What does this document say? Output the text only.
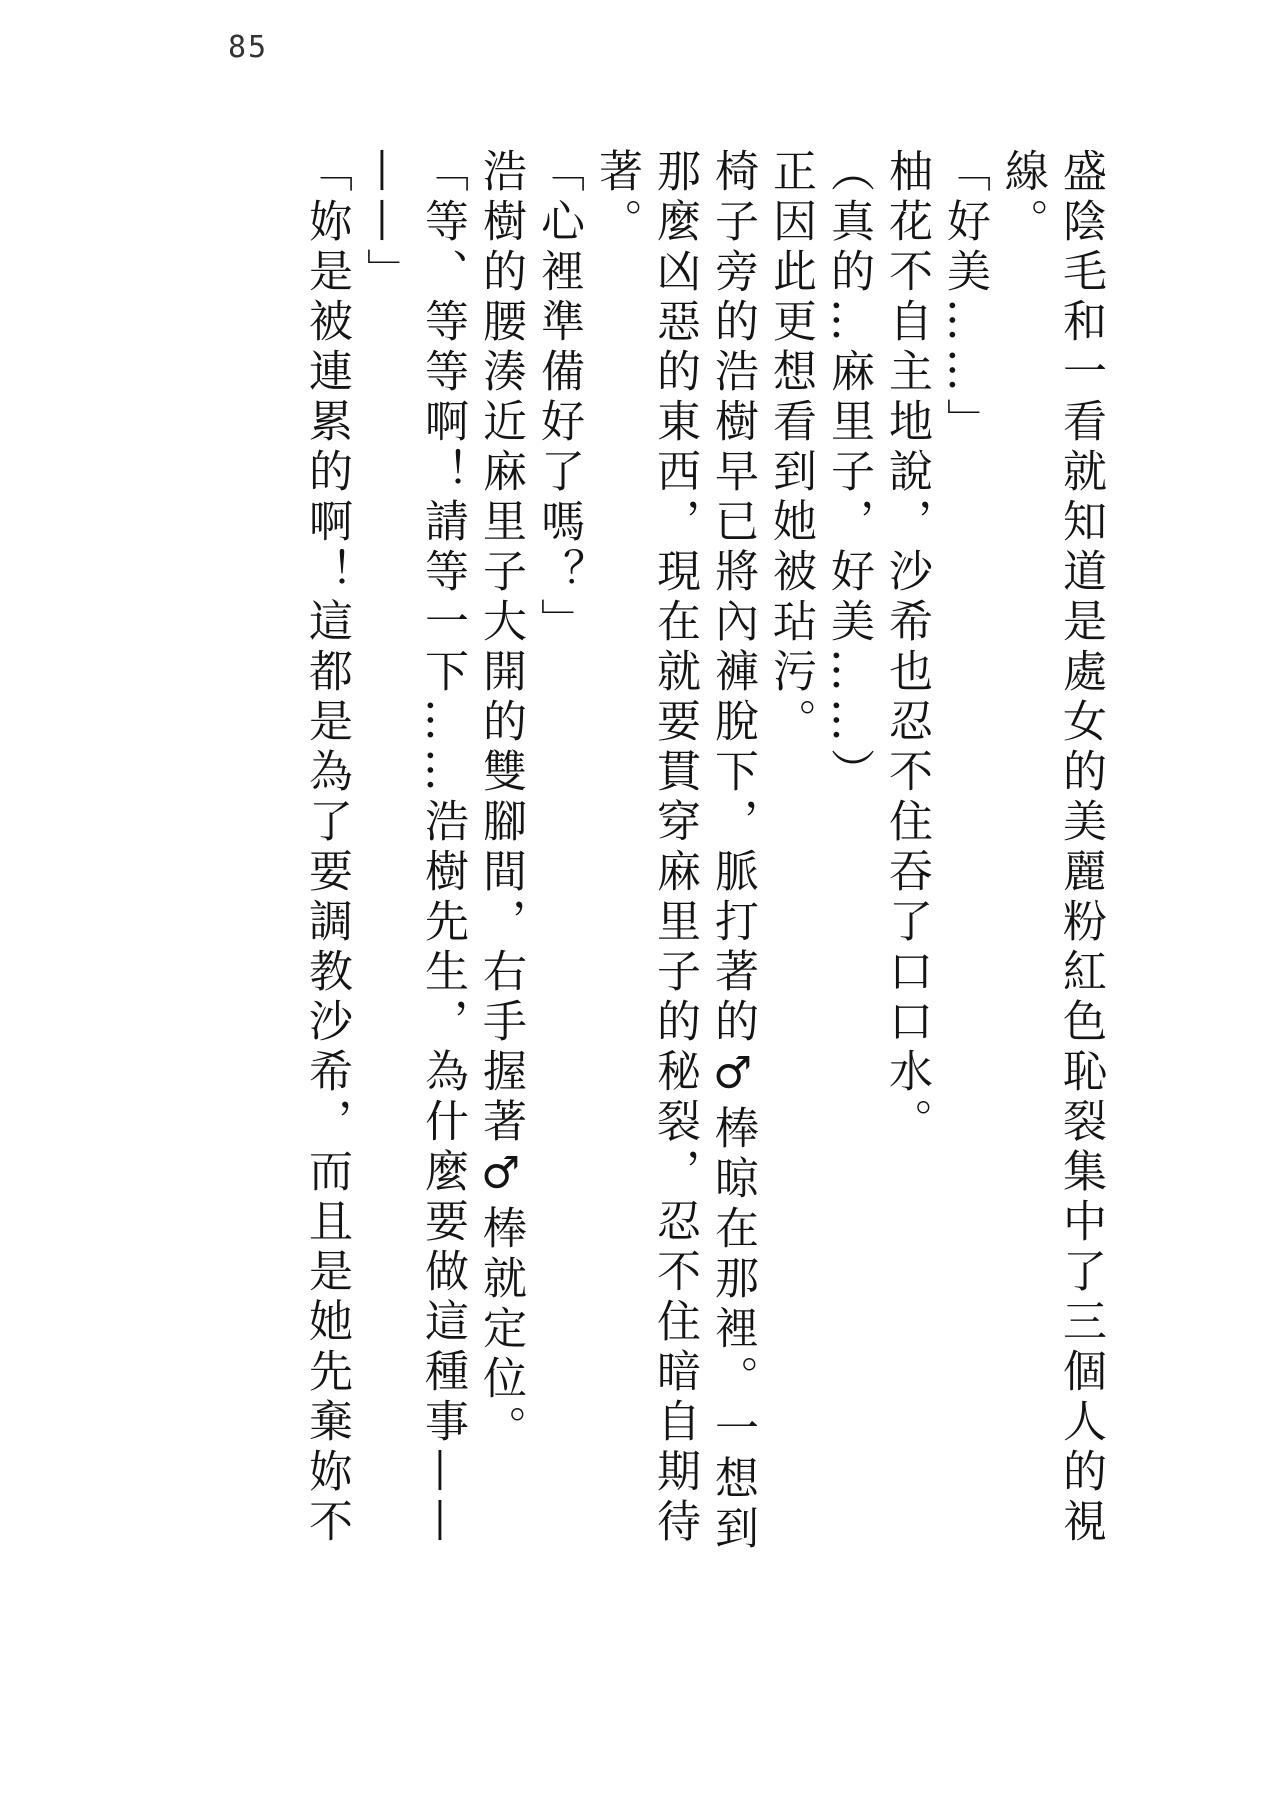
85
盛陰毛和一看就知道是處女的美麗粉紅色恥裂集中了三個人的視
線。
「好美……」
柚花不自主地說，沙希也忍不住吞了口口水。
（真的…麻里子，好美……）
正因此更想看到她被玷污。
椅子旁的浩樹早已將內褲脫下，脈打著的♂棒晾在那裡。一想到
那麼凶惡的東西，現在就要貫穿麻里子的秘裂，忍不住暗自期待
著。
「心裡準備好了嗎？」
浩樹的腰湊近麻里子大開的雙腳間，右手握著♂棒就定位。
「等、等等啊！請等一下……浩樹先生，為什麼要做這種事——
——」
「妳是被連累的啊！這都是為了要調教沙希，而且是她先棄妳不
